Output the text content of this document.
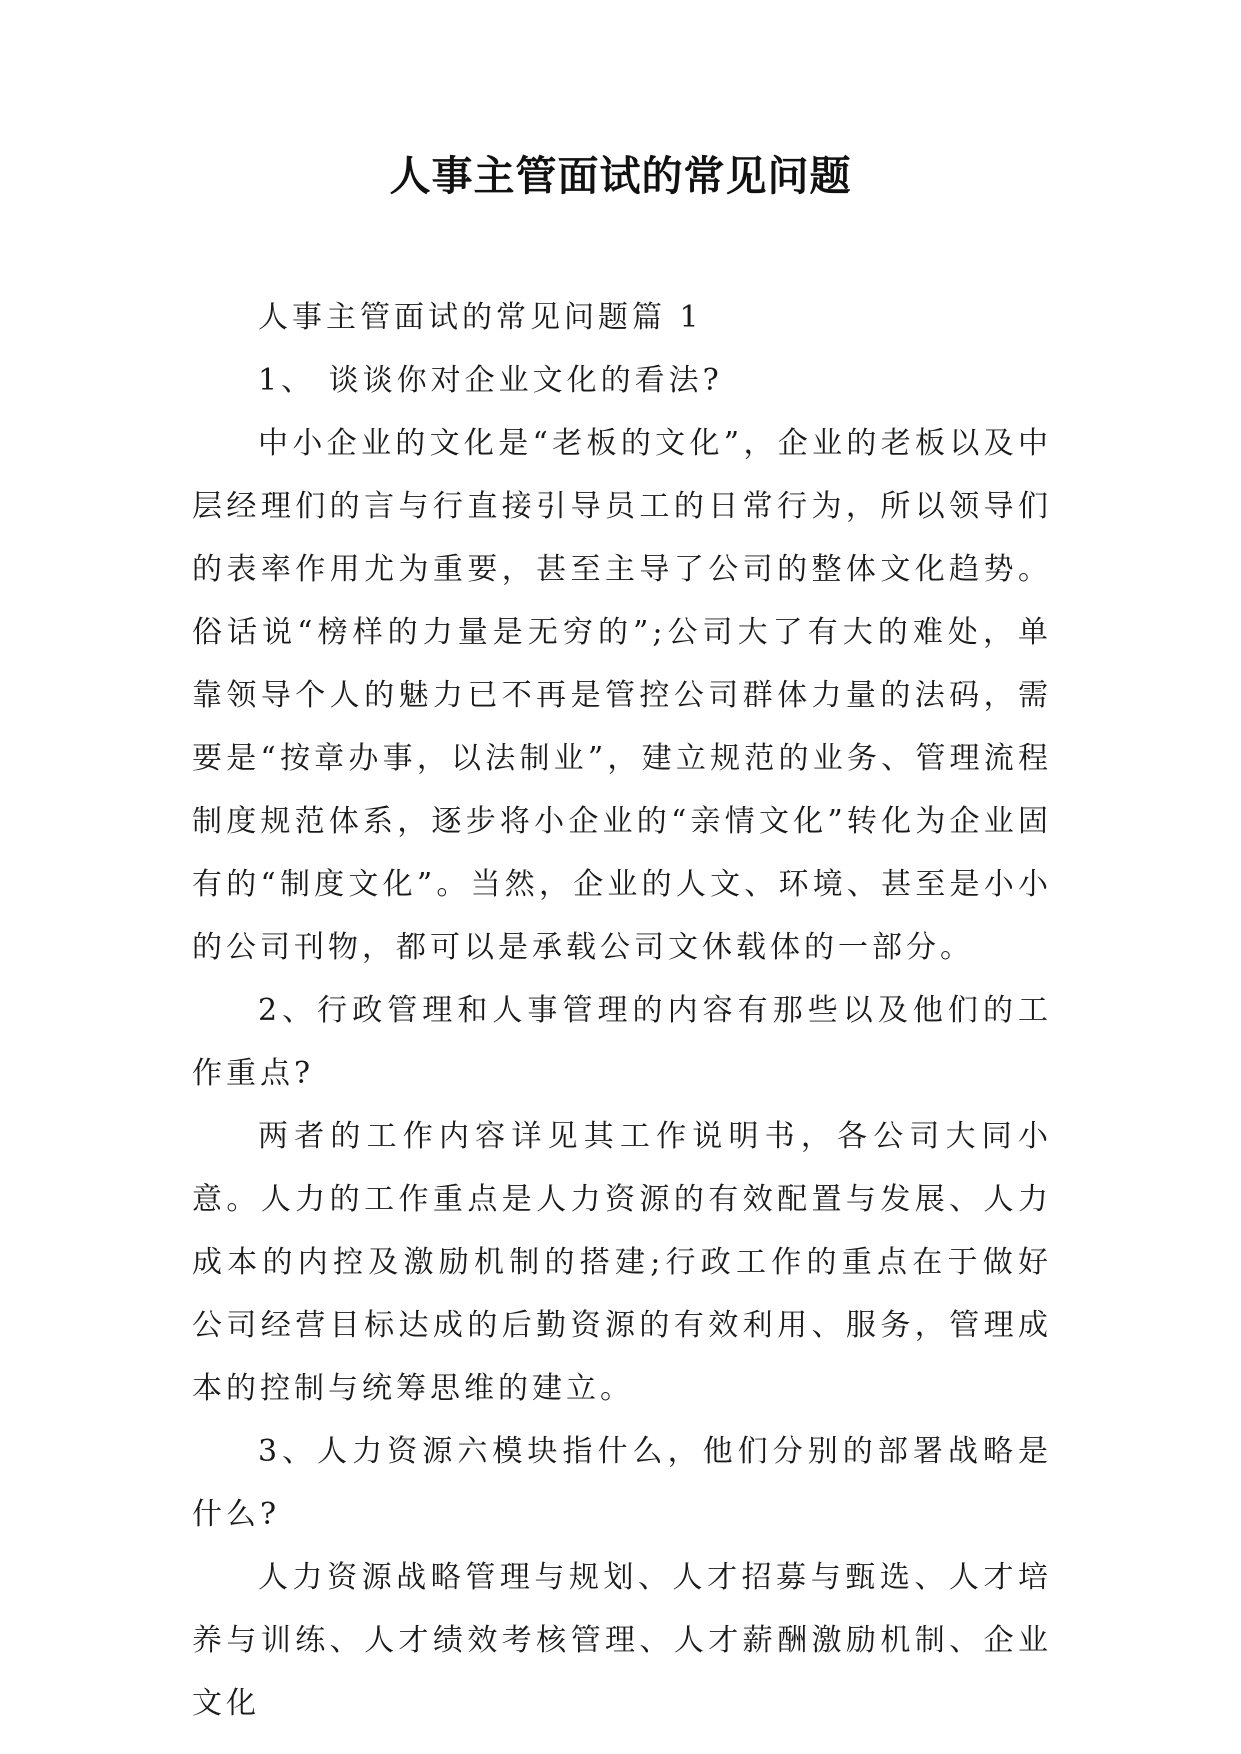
人事主管面试的常见问题

人事主管面试的常见问题篇 1

1、 谈谈你对企业文化的看法?

中小企业的文化是“老板的文化”，企业的老板以及中层经理们的言与行直接引导员工的日常行为，所以领导们的表率作用尤为重要，甚至主导了公司的整体文化趋势。俗话说“榜样的力量是无穷的”;公司大了有大的难处，单靠领导个人的魅力已不再是管控公司群体力量的法码，需要是“按章办事，以法制业”，建立规范的业务、管理流程制度规范体系，逐步将小企业的“亲情文化”转化为企业固有的“制度文化”。当然，企业的人文、环境、甚至是小小的公司刊物，都可以是承载公司文休载体的一部分。

2、行政管理和人事管理的内容有那些以及他们的工作重点?

两者的工作内容详见其工作说明书，各公司大同小意。人力的工作重点是人力资源的有效配置与发展、人力成本的内控及激励机制的搭建;行政工作的重点在于做好公司经营目标达成的后勤资源的有效利用、服务，管理成本的控制与统筹思维的建立。

3、人力资源六模块指什么，他们分别的部署战略是什么?

人力资源战略管理与规划、人才招募与甄选、人才培养与训练、人才绩效考核管理、人才薪酬激励机制、企业文化
